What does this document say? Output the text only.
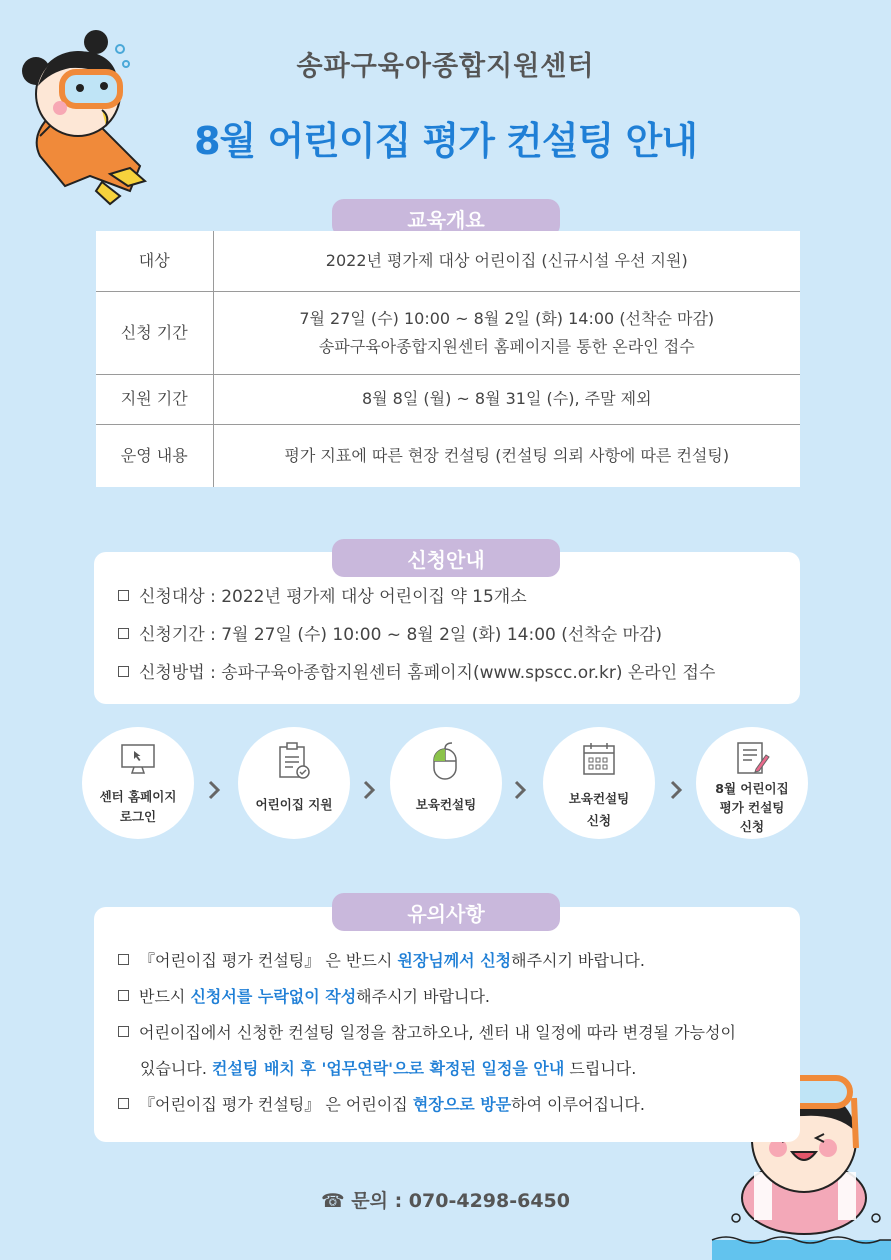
송파구육아종합지원센터
8월 어린이집 평가 컨설팅 안내
교육개요
대상	2022년 평가제 대상 어린이집 (신규시설 우선 지원)
신청 기간	7월 27일 (수) 10:00 ~ 8월 2일 (화) 14:00 (선착순 마감)
송파구육아종합지원센터 홈페이지를 통한 온라인 접수

지원 기간	8월 8일 (월) ~ 8월 31일 (수), 주말 제외
운영 내용	평가 지표에 따른 현장 컨설팅 (컨설팅 의뢰 사항에 따른 컨설팅)
신청대상 : 2022년 평가제 대상 어린이집 약 15개소
신청기간 : 7월 27일 (수) 10:00 ~ 8월 2일 (화) 14:00 (선착순 마감)
신청방법 : 송파구육아종합지원센터 홈페이지(www.spscc.or.kr) 온라인 접수
신청안내
센터 홈페이지
로그인
어린이집 지원	보육컨설팅	보육컨설팅
신청
8월 어린이집
평가 컨설팅
신청
『어린이집 평가 컨설팅』 은 반드시 원장님께서 신청해주시기 바랍니다.
반드시 신청서를 누락없이 작성해주시기 바랍니다.
어린이집에서 신청한 컨설팅 일정을 참고하오나, 센터 내 일정에 따라 변경될 가능성이
있습니다. 컨설팅 배치 후 '업무연락'으로 확정된 일정을 안내 드립니다.
『어린이집 평가 컨설팅』 은 어린이집 현장으로 방문하여 이루어집니다.
유의사항
☎ 문의 : 070-4298-6450
